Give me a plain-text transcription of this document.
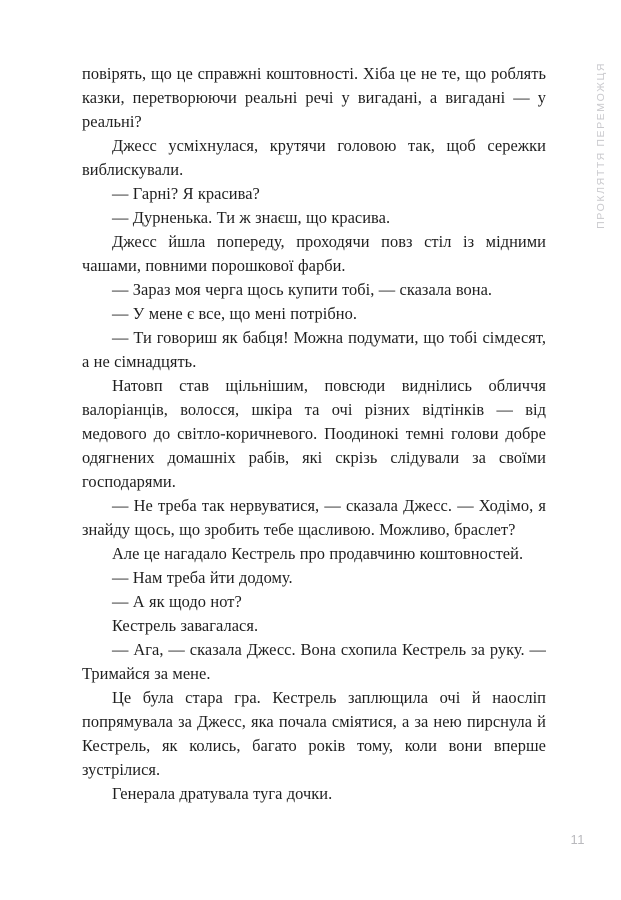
повірять, що це справжні коштовності. Хіба це не те, що роблять казки, перетворюючи реальні речі у вигадані, а вигадані — у реальні?

Джесс усміхнулася, крутячи головою так, щоб сережки виблискували.

— Гарні? Я красива?

— Дурненька. Ти ж знаєш, що красива.

Джесс йшла попереду, проходячи повз стіл із мідними чашами, повними порошкової фарби.

— Зараз моя черга щось купити тобі, — сказала вона.

— У мене є все, що мені потрібно.

— Ти говориш як бабця! Можна подумати, що тобі сімдесят, а не сімнадцять.

Натовп став щільнішим, повсюди виднілись обличчя валоріанців, волосся, шкіра та очі різних відтінків — від медового до світло-коричневого. Поодинокі темні голови добре одягнених домашніх рабів, які скрізь слідували за своїми господарями.

— Не треба так нервуватися, — сказала Джесс. — Ходімо, я знайду щось, що зробить тебе щасливою. Можливо, браслет?

Але це нагадало Кестрель про продавчиню коштовностей.

— Нам треба йти додому.

— А як щодо нот?

Кестрель завагалася.

— Ага, — сказала Джесс. Вона схопила Кестрель за руку. — Тримайся за мене.

Це була стара гра. Кестрель заплющила очі й наосліп попрямувала за Джесс, яка почала сміятися, а за нею пирснула й Кестрель, як колись, багато років тому, коли вони вперше зустрілися.

Генерала дратувала туга дочки.

ПРОКЛЯТТЯ ПЕРЕМОЖЦЯ
11
